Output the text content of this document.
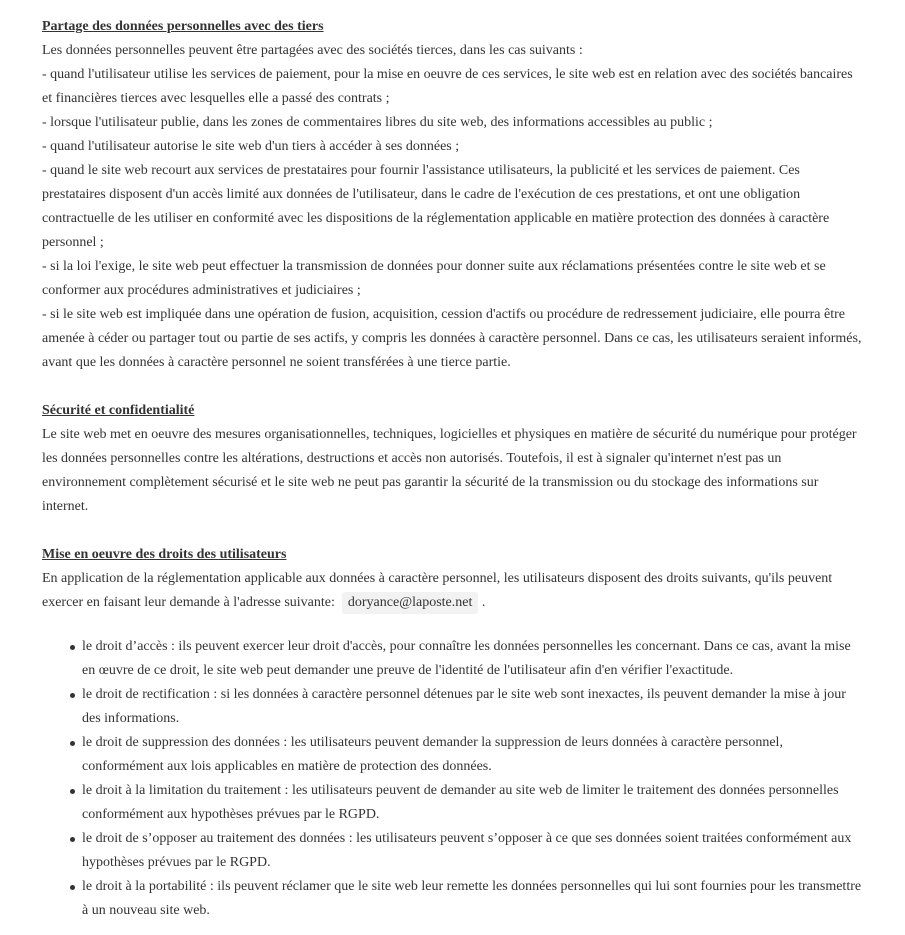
Partage des données personnelles avec des tiers

Les données personnelles peuvent être partagées avec des sociétés tierces, dans les cas suivants :

- quand l'utilisateur utilise les services de paiement, pour la mise en oeuvre de ces services, le site web est en relation avec des sociétés bancaires et financières tierces avec lesquelles elle a passé des contrats ;

- lorsque l'utilisateur publie, dans les zones de commentaires libres du site web, des informations accessibles au public ;

- quand l'utilisateur autorise le site web d'un tiers à accéder à ses données ;

- quand le site web recourt aux services de prestataires pour fournir l'assistance utilisateurs, la publicité et les services de paiement. Ces prestataires disposent d'un accès limité aux données de l'utilisateur, dans le cadre de l'exécution de ces prestations, et ont une obligation contractuelle de les utiliser en conformité avec les dispositions de la réglementation applicable en matière protection des données à caractère personnel ;

- si la loi l'exige, le site web peut effectuer la transmission de données pour donner suite aux réclamations présentées contre le site web et se conformer aux procédures administratives et judiciaires ;

- si le site web est impliquée dans une opération de fusion, acquisition, cession d'actifs ou procédure de redressement judiciaire, elle pourra être amenée à céder ou partager tout ou partie de ses actifs, y compris les données à caractère personnel. Dans ce cas, les utilisateurs seraient informés, avant que les données à caractère personnel ne soient transférées à une tierce partie.

Sécurité et confidentialité

Le site web met en oeuvre des mesures organisationnelles, techniques, logicielles et physiques en matière de sécurité du numérique pour protéger les données personnelles contre les altérations, destructions et accès non autorisés. Toutefois, il est à signaler qu'internet n'est pas un environnement complètement sécurisé et le site web ne peut pas garantir la sécurité de la transmission ou du stockage des informations sur internet.

Mise en oeuvre des droits des utilisateurs

En application de la réglementation applicable aux données à caractère personnel, les utilisateurs disposent des droits suivants, qu'ils peuvent exercer en faisant leur demande à l'adresse suivante: doryance@laposte.net .

le droit d’accès : ils peuvent exercer leur droit d'accès, pour connaître les données personnelles les concernant. Dans ce cas, avant la mise en œuvre de ce droit, le site web peut demander une preuve de l'identité de l'utilisateur afin d'en vérifier l'exactitude.
le droit de rectification : si les données à caractère personnel détenues par le site web sont inexactes, ils peuvent demander la mise à jour des informations.
le droit de suppression des données : les utilisateurs peuvent demander la suppression de leurs données à caractère personnel, conformément aux lois applicables en matière de protection des données.
le droit à la limitation du traitement : les utilisateurs peuvent de demander au site web de limiter le traitement des données personnelles conformément aux hypothèses prévues par le RGPD.
le droit de s’opposer au traitement des données : les utilisateurs peuvent s’opposer à ce que ses données soient traitées conformément aux hypothèses prévues par le RGPD.
le droit à la portabilité : ils peuvent réclamer que le site web leur remette les données personnelles qui lui sont fournies pour les transmettre à un nouveau site web.
